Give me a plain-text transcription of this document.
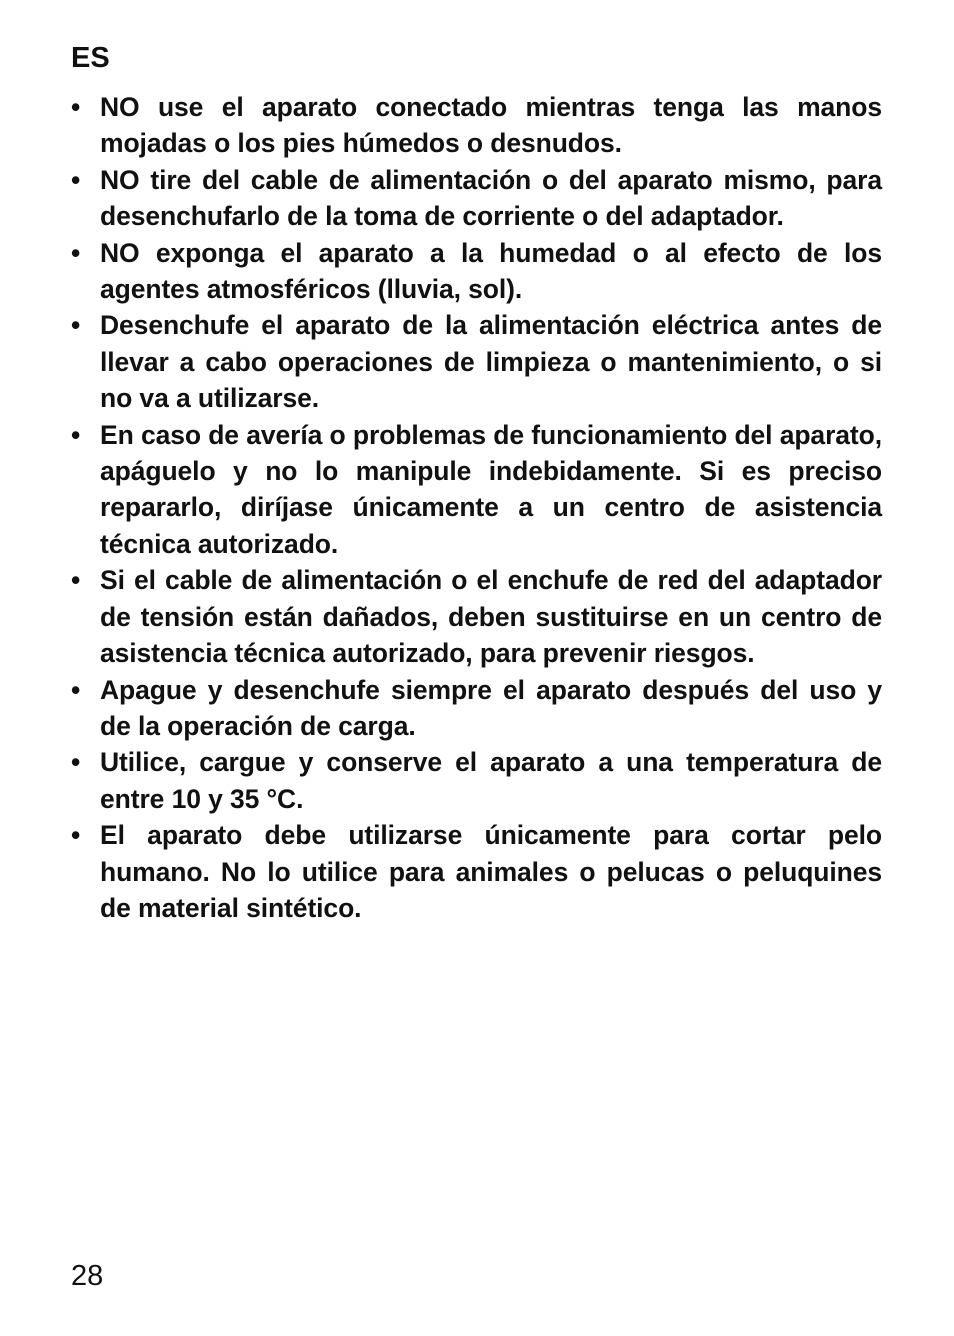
ES
• NO use el aparato conectado mientras tenga las manos mojadas o los pies húmedos o desnudos.
• NO tire del cable de alimentación o del aparato mismo, para desenchufarlo de la toma de corriente o del adaptador.
• NO exponga el aparato a la humedad o al efecto de los agentes atmosféricos (lluvia, sol).
• Desenchufe el aparato de la alimentación eléctrica antes de llevar a cabo operaciones de limpieza o mantenimiento, o si no va a utilizarse.
• En caso de avería o problemas de funcionamiento del aparato, apáguelo y no lo manipule indebidamente. Si es preciso repararlo, diríjase únicamente a un centro de asistencia técnica autorizado.
• Si el cable de alimentación o el enchufe de red del adaptador de tensión están dañados, deben sustituirse en un centro de asistencia técnica autorizado, para prevenir riesgos.
• Apague y desenchufe siempre el aparato después del uso y de la operación de carga.
• Utilice, cargue y conserve el aparato a una temperatura de entre 10 y 35 °C.
• El aparato debe utilizarse únicamente para cortar pelo humano. No lo utilice para animales o pelucas o peluquines de material sintético.
28
